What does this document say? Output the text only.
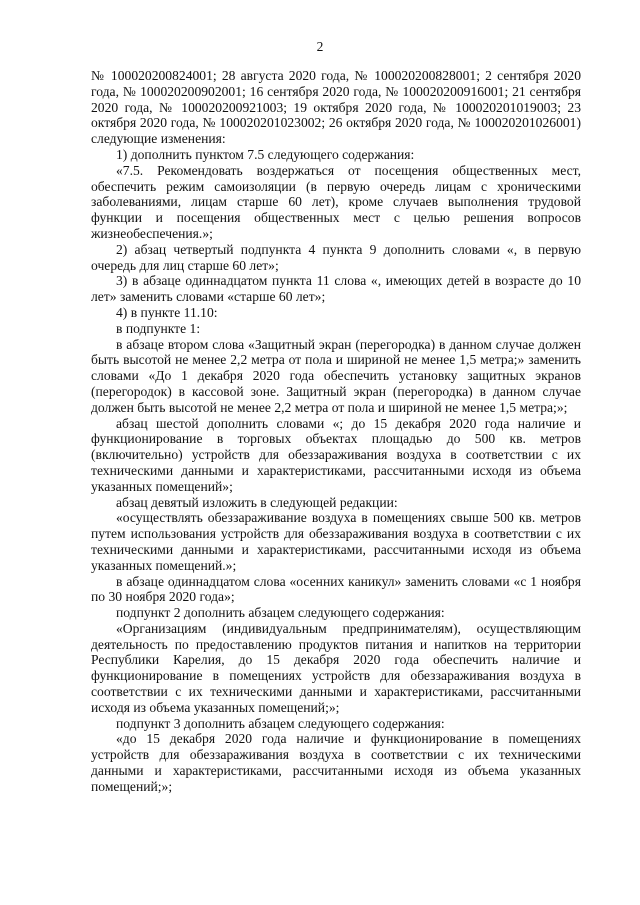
2

№ 100020200824001; 28 августа 2020 года, № 100020200828001; 2 сентября 2020 года, № 100020200902001; 16 сентября 2020 года, № 100020200916001; 21 сентября 2020 года, № 100020200921003; 19 октября 2020 года, № 100020201019003; 23 октября 2020 года, № 100020201023002; 26 октября 2020 года, № 100020201026001) следующие изменения:

1) дополнить пунктом 7.5 следующего содержания:

«7.5. Рекомендовать воздержаться от посещения общественных мест, обеспечить режим самоизоляции (в первую очередь лицам с хроническими заболеваниями, лицам старше 60 лет), кроме случаев выполнения трудовой функции и посещения общественных мест с целью решения вопросов жизнеобеспечения.»;

2) абзац четвертый подпункта 4 пункта 9 дополнить словами «, в первую очередь для лиц старше 60 лет»;

3) в абзаце одиннадцатом пункта 11 слова «, имеющих детей в возрасте до 10 лет» заменить словами «старше 60 лет»;

4) в пункте 11.10:

в подпункте 1:

в абзаце втором слова «Защитный экран (перегородка) в данном случае должен быть высотой не менее 2,2 метра от пола и шириной не менее 1,5 метра;» заменить словами «До 1 декабря 2020 года обеспечить установку защитных экранов (перегородок) в кассовой зоне. Защитный экран (перегородка) в данном случае должен быть высотой не менее 2,2 метра от пола и шириной не менее 1,5 метра;»;

абзац шестой дополнить словами «; до 15 декабря 2020 года наличие и функционирование в торговых объектах площадью до 500 кв. метров (включительно) устройств для обеззараживания воздуха в соответствии с их техническими данными и характеристиками, рассчитанными исходя из объема указанных помещений»;

абзац девятый изложить в следующей редакции:

«осуществлять обеззараживание воздуха в помещениях свыше 500 кв. метров путем использования устройств для обеззараживания воздуха в соответствии с их техническими данными и характеристиками, рассчитанными исходя из объема указанных помещений.»;

в абзаце одиннадцатом слова «осенних каникул» заменить словами «с 1 ноября по 30 ноября 2020 года»;

подпункт 2 дополнить абзацем следующего содержания:

«Организациям (индивидуальным предпринимателям), осуществляющим деятельность по предоставлению продуктов питания и напитков на территории Республики Карелия, до 15 декабря 2020 года обеспечить наличие и функционирование в помещениях устройств для обеззараживания воздуха в соответствии с их техническими данными и характеристиками, рассчитанными исходя из объема указанных помещений;»;

подпункт 3 дополнить абзацем следующего содержания:

«до 15 декабря 2020 года наличие и функционирование в помещениях устройств для обеззараживания воздуха в соответствии с их техническими данными и характеристиками, рассчитанными исходя из объема указанных помещений;»;
